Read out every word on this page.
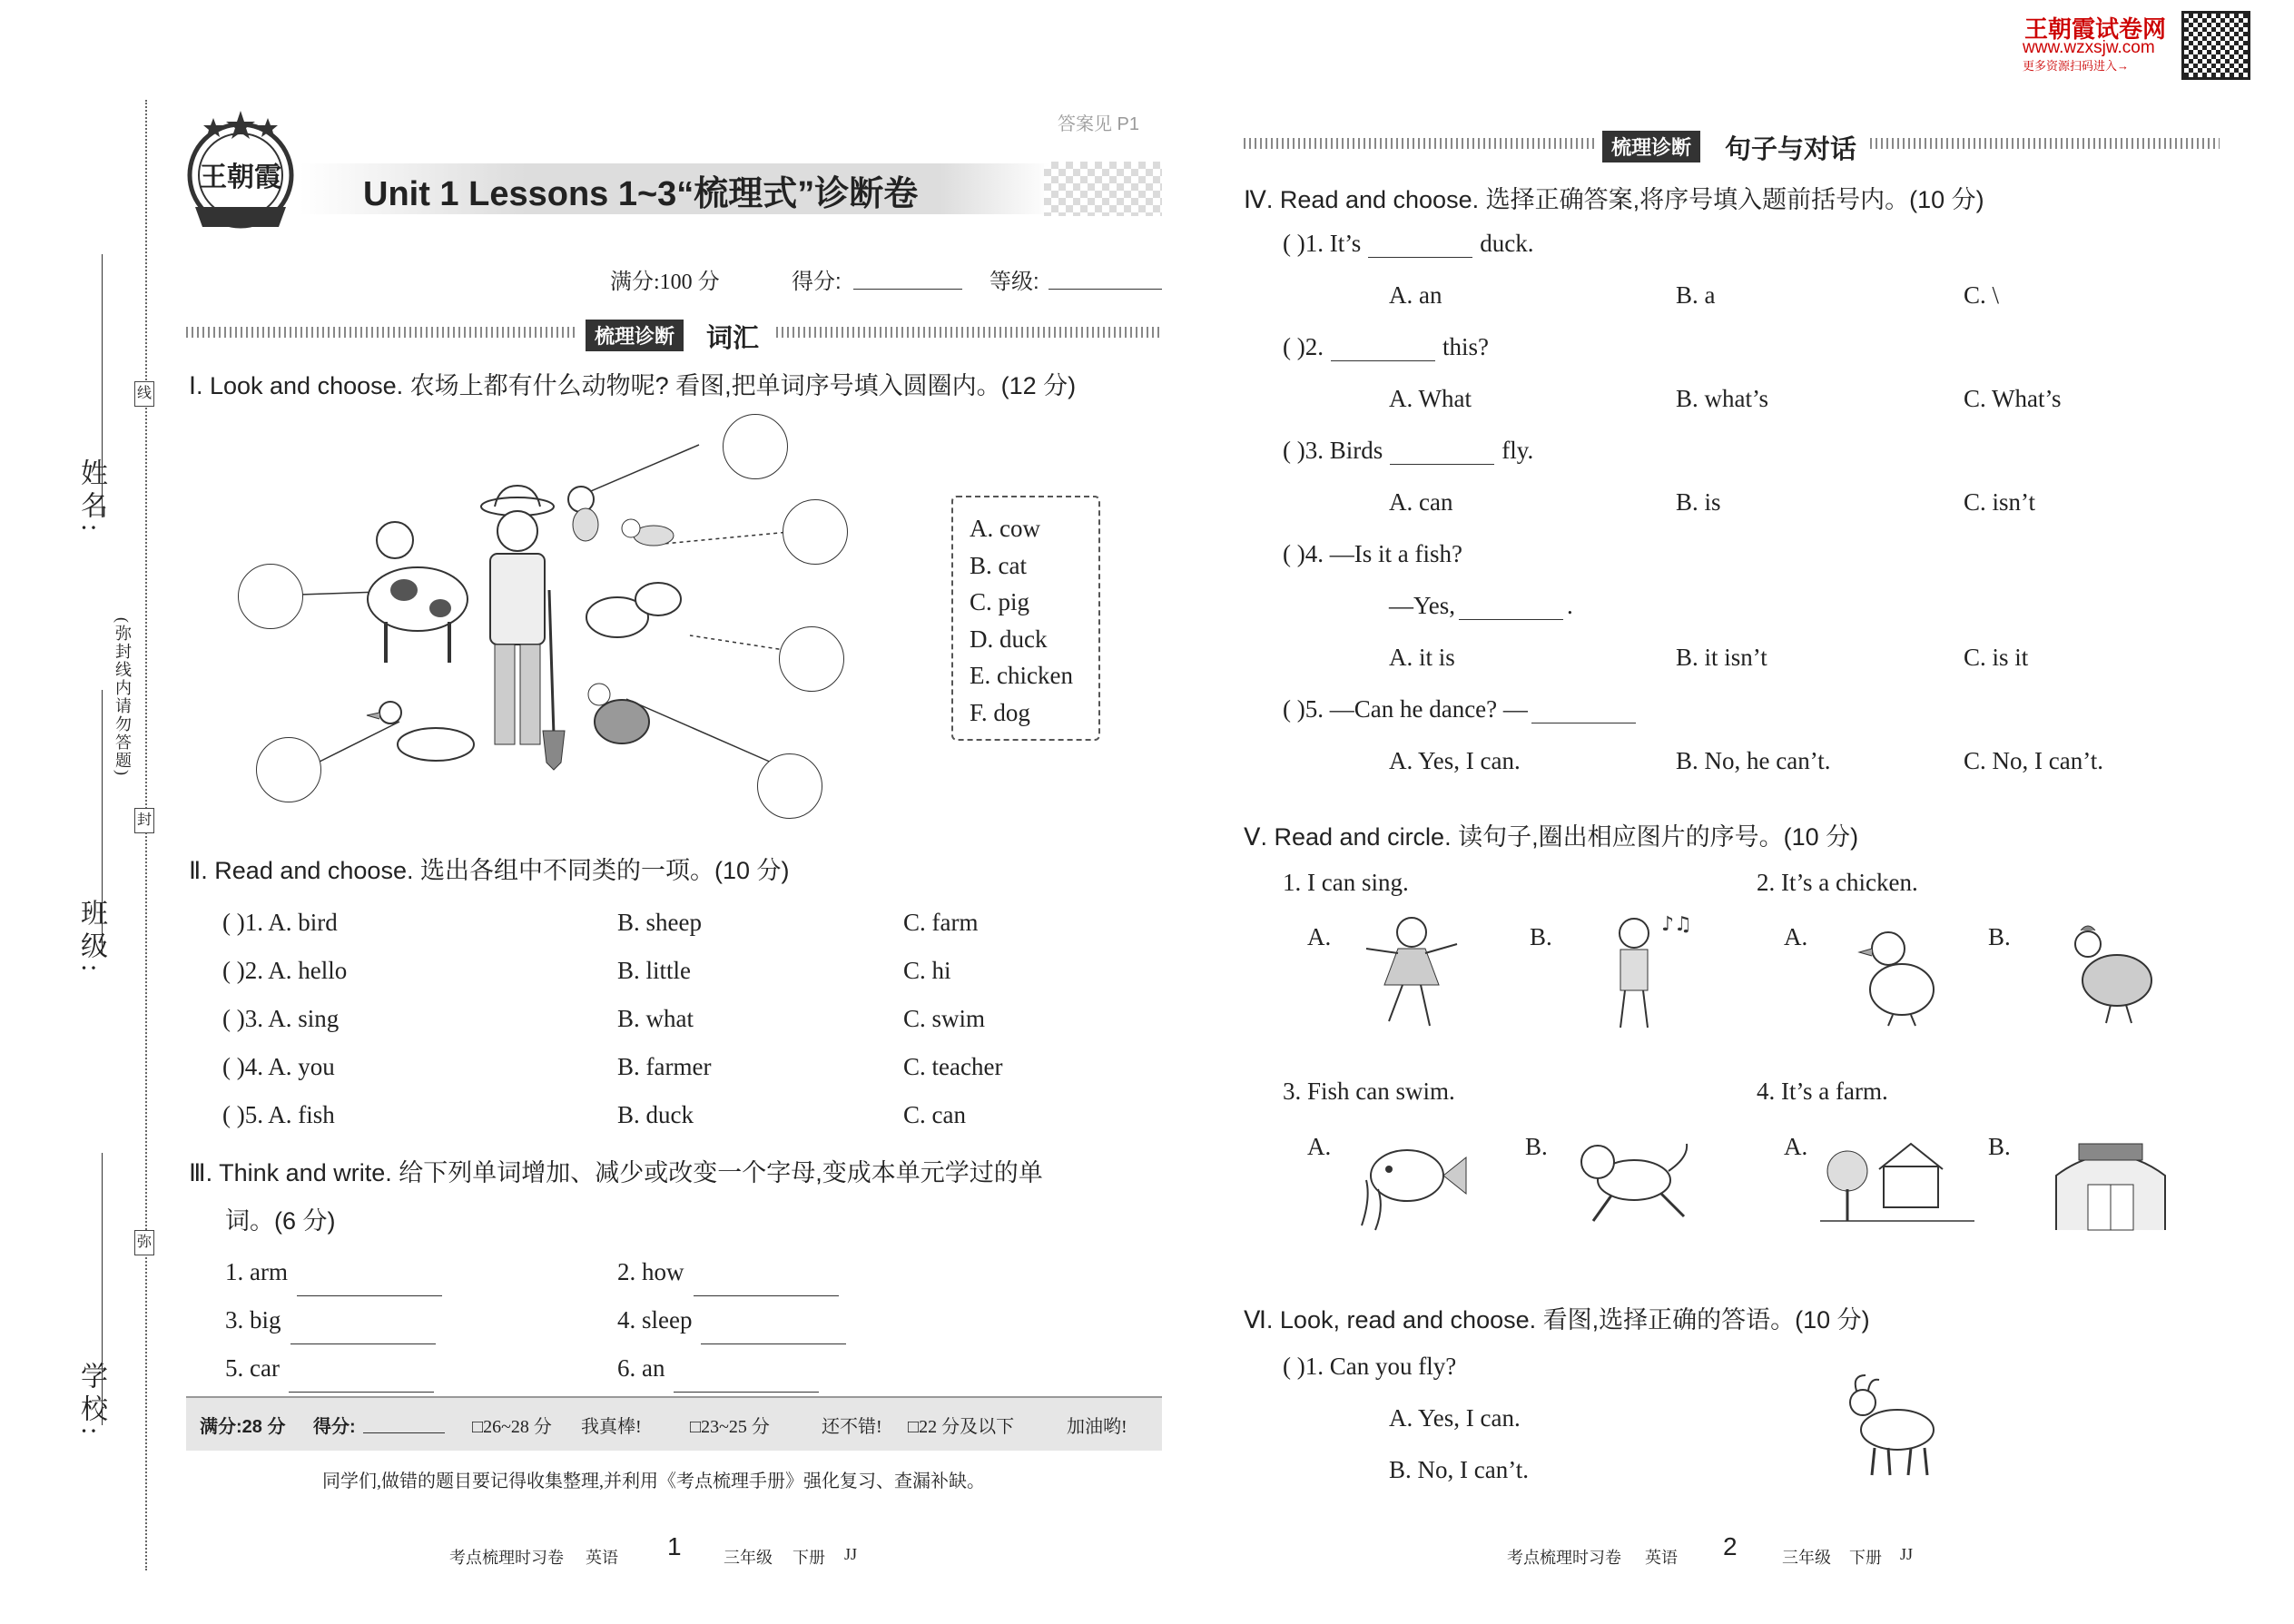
姓名:
线
(弥封线内请勿答题)
班级:
封
弥
学校:
王朝霞 Unit 1 Lessons 1~3“梳理式”诊断卷
答案见 P1
满分:100 分	得分:	等级:
梳理诊断	词汇
Ⅰ. Look and choose. 农场上都有什么动物呢? 看图,把单词序号填入圆圈内。(12 分)
A. cow
B. cat
C. pig
D. duck
E. chicken
F. dog
Ⅱ. Read and choose. 选出各组中不同类的一项。(10 分)
( )1. A. bird	B. sheep	C. farm
( )2. A. hello	B. little	C. hi
( )3. A. sing	B. what	C. swim
( )4. A. you	B. farmer	C. teacher
( )5. A. fish	B. duck	C. can
Ⅲ. Think and write. 给下列单词增加、减少或改变一个字母,变成本单元学过的单
词。(6 分)
1. arm	2. how
3. big	4. sleep
5. car	6. an
满分:28 分 得分:	□26~28 分 我真棒!	□23~25 分	还不错! □22 分及以下	加油哟!
同学们,做错的题目要记得收集整理,并利用《考点梳理手册》强化复习、查漏补缺。
考点梳理时习卷 英语 1	三年级 下册 JJ
王朝霞试卷网
www.wzxsjw.com
更多资源扫码进入→
梳理诊断	句子与对话
Ⅳ. Read and choose. 选择正确答案,将序号填入题前括号内。(10 分)
( )1. It’s	duck.
A. an	B. a	C. \
( )2.	this?
A. What	B. what’s	C. What’s
( )3. Birds	fly.
A. can	B. is	C. isn’t
( )4. —Is it a fish?
—Yes,	.
A. it is	B. it isn’t	C. is it
( )5. —Can he dance? —
A. Yes, I can.	B. No, he can’t.	C. No, I can’t.
Ⅴ. Read and circle. 读句子,圈出相应图片的序号。(10 分)
1. I can sing.	2. It’s a chicken.
3. Fish can swim.	4. It’s a farm.
A.	B.	A.	B.
A.	B.	A.	B.
♪♫
Ⅵ. Look, read and choose. 看图,选择正确的答语。(10 分)
( )1. Can you fly?
A. Yes, I can.
B. No, I can’t.
考点梳理时习卷 英语 2	三年级 下册 JJ
